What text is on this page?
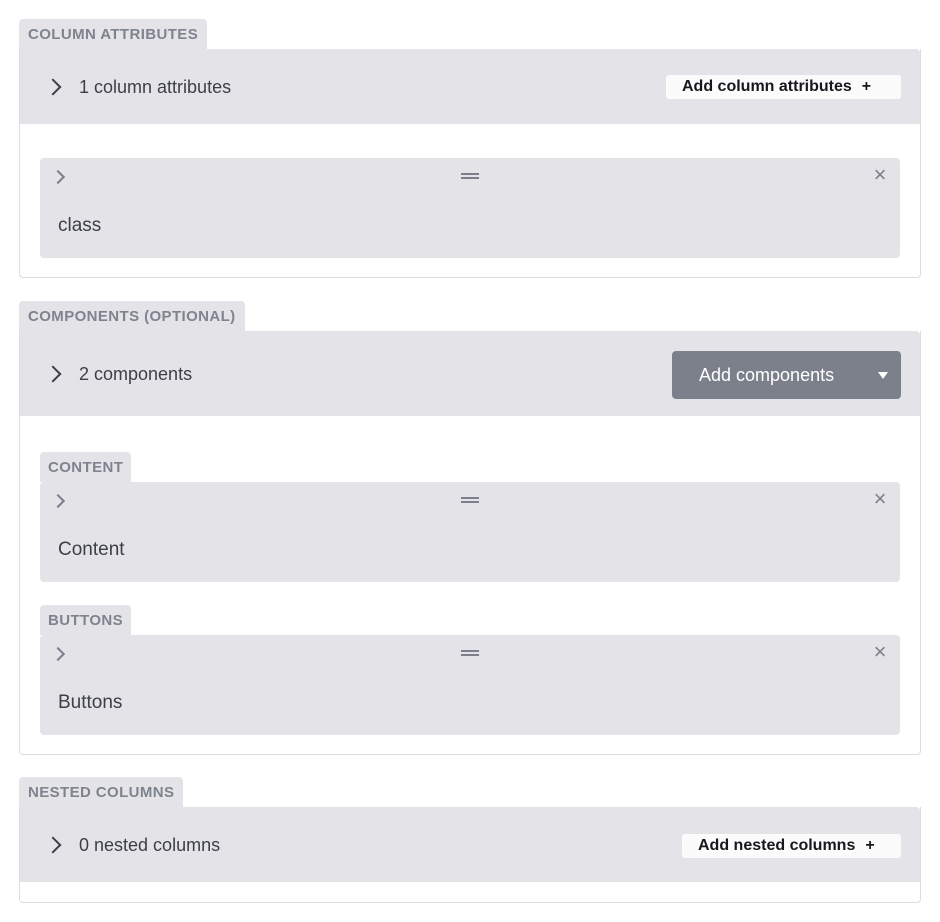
COLUMN ATTRIBUTES
1 column attributes	Add column attributes +
×
class
COMPONENTS (OPTIONAL)
2 components	Add components
CONTENT
×
Content
BUTTONS
×
Buttons
NESTED COLUMNS
0 nested columns	Add nested columns +
